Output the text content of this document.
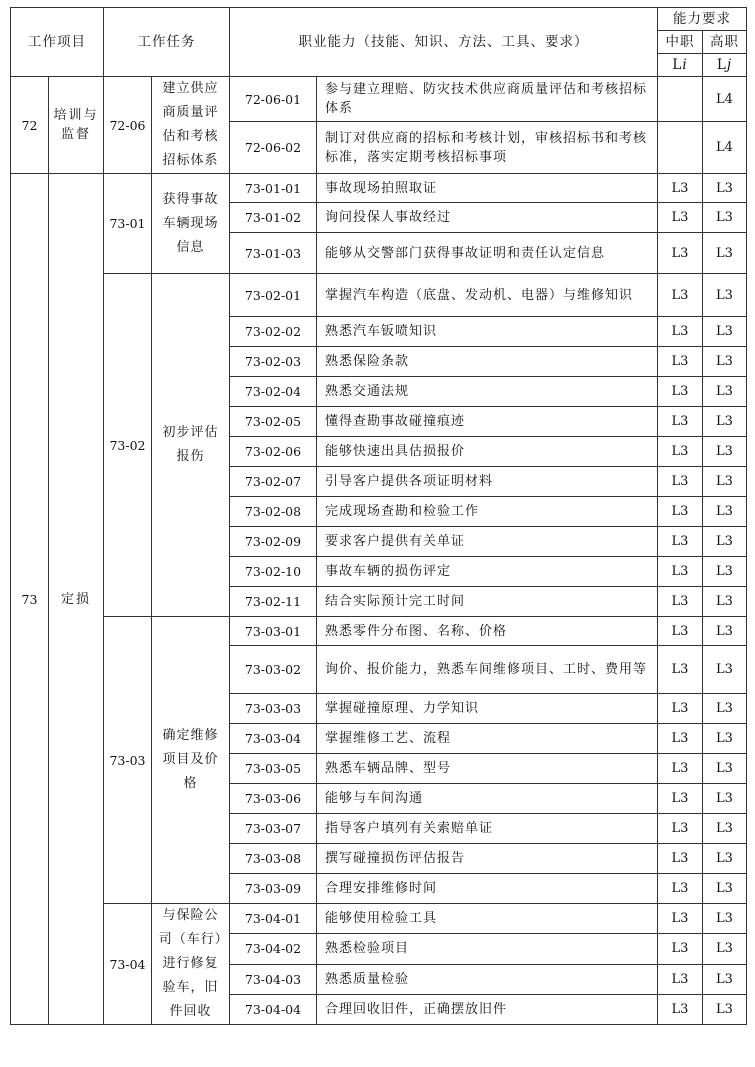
工作项目		工作任务		职业能力（技能、知识、方法、工具、要求）		能力要求	
						中职	高职
						Li	Lj
72	培训与监督	72-06	建立供应商质量评估和考核招标体系	72-06-01	参与建立理赔、防灾技术供应商质量评估和考核招标体系		L4
				72-06-02	制订对供应商的招标和考核计划，审核招标书和考核标准，落实定期考核招标事项		L4
73	定损	73-01	获得事故车辆现场信息	73-01-01	事故现场拍照取证	L3	L3
				73-01-02	询问投保人事故经过	L3	L3
				73-01-03	能够从交警部门获得事故证明和责任认定信息	L3	L3
		73-02	初步评估报伤	73-02-01	掌握汽车构造（底盘、发动机、电器）与维修知识	L3	L3
				73-02-02	熟悉汽车钣喷知识	L3	L3
				73-02-03	熟悉保险条款	L3	L3
				73-02-04	熟悉交通法规	L3	L3
				73-02-05	懂得查勘事故碰撞痕迹	L3	L3
				73-02-06	能够快速出具估损报价	L3	L3
				73-02-07	引导客户提供各项证明材料	L3	L3
				73-02-08	完成现场查勘和检验工作	L3	L3
				73-02-09	要求客户提供有关单证	L3	L3
				73-02-10	事故车辆的损伤评定	L3	L3
				73-02-11	结合实际预计完工时间	L3	L3
		73-03	确定维修项目及价格	73-03-01	熟悉零件分布图、名称、价格	L3	L3
				73-03-02	询价、报价能力，熟悉车间维修项目、工时、费用等	L3	L3
				73-03-03	掌握碰撞原理、力学知识	L3	L3
				73-03-04	掌握维修工艺、流程	L3	L3
				73-03-05	熟悉车辆品牌、型号	L3	L3
				73-03-06	能够与车间沟通	L3	L3
				73-03-07	指导客户填列有关索赔单证	L3	L3
				73-03-08	撰写碰撞损伤评估报告	L3	L3
				73-03-09	合理安排维修时间	L3	L3
		73-04	与保险公司（车行）进行修复验车，旧件回收	73-04-01	能够使用检验工具	L3	L3
				73-04-02	熟悉检验项目	L3	L3
				73-04-03	熟悉质量检验	L3	L3
				73-04-04	合理回收旧件，正确摆放旧件	L3	L3
